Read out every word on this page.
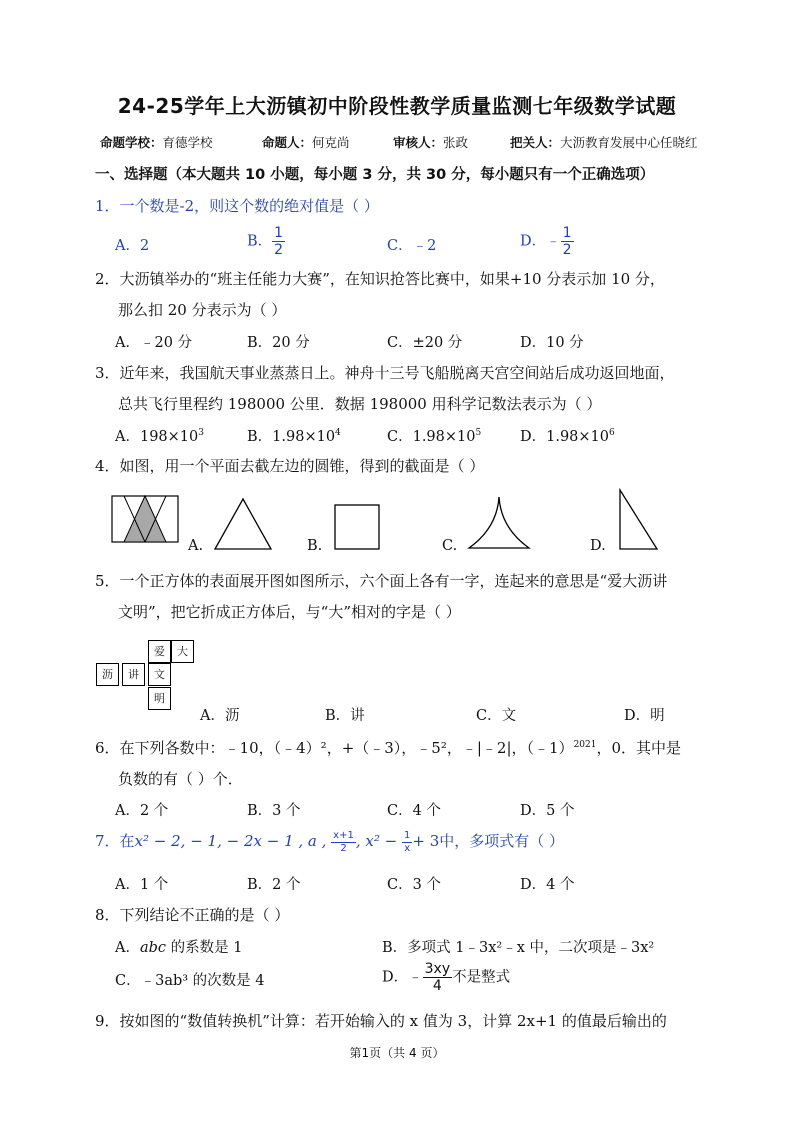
24-25学年上大沥镇初中阶段性教学质量监测七年级数学试题
命题学校：育德学校	命题人：何克尚	审核人：张政	把关人：大沥教育发展中心任晓红
一、选择题（本大题共 10 小题，每小题 3 分，共 30 分，每小题只有一个正确选项）
1．一个数是-2，则这个数的绝对值是（ ）
A．2	B． $\frac{1}{2}$	C．﹣2	D．﹣ $\frac{1}{2}$
2．大沥镇举办的“班主任能力大赛”，在知识抢答比赛中，如果+10 分表示加 10 分，
那么扣 20 分表示为（ ）
A．﹣20 分	B．20 分	C．±20 分	D．10 分
3．近年来，我国航天事业蒸蒸日上。神舟十三号飞船脱离天宫空间站后成功返回地面，
总共飞行里程约 198000 公里．数据 198000 用科学记数法表示为（ ）
A．$198\times 10^3$	B．$1.98\times 10^4$	C．$1.98\times 10^5$	D．$1.98\times 10^6$
4．如图，用一个平面去截左边的圆锥，得到的截面是（ ）
A.	B.	C.	D.
5．一个正方体的表面展开图如图所示，六个面上各有一字，连起来的意思是“爱大沥讲
文明”，把它折成正方体后，与“大”相对的字是（ ）
爱	大
沥	讲	文
明
A．沥	B．讲	C．文	D．明
6．在下列各数中：﹣10，（﹣4）²，+（﹣3），﹣5²，﹣|﹣2|，（﹣1）$^{2021}$，0．其中是
负数的有（ ）个．
A．2 个	B．3 个	C．4 个	D．5 个
7．在x² − 2, − 1, − 2x − 1 , a , $\frac{x+1}{2}$ , $x^2 - \frac{1}{x} + 3$中，多项式有（ ）
A．1 个	B．2 个	C．3 个	D．4 个
8．下列结论不正确的是（ ）
A．abc 的系数是 1	B．多项式 1﹣3x²﹣x 中，二次项是﹣3x²
C．﹣3ab³ 的次数是 4	D．﹣ $\frac{3xy}{4}$ 不是整式
9．按如图的“数值转换机”计算：若开始输入的 x 值为 3，计算 2x+1 的值最后输出的
第1页（共 4 页）
